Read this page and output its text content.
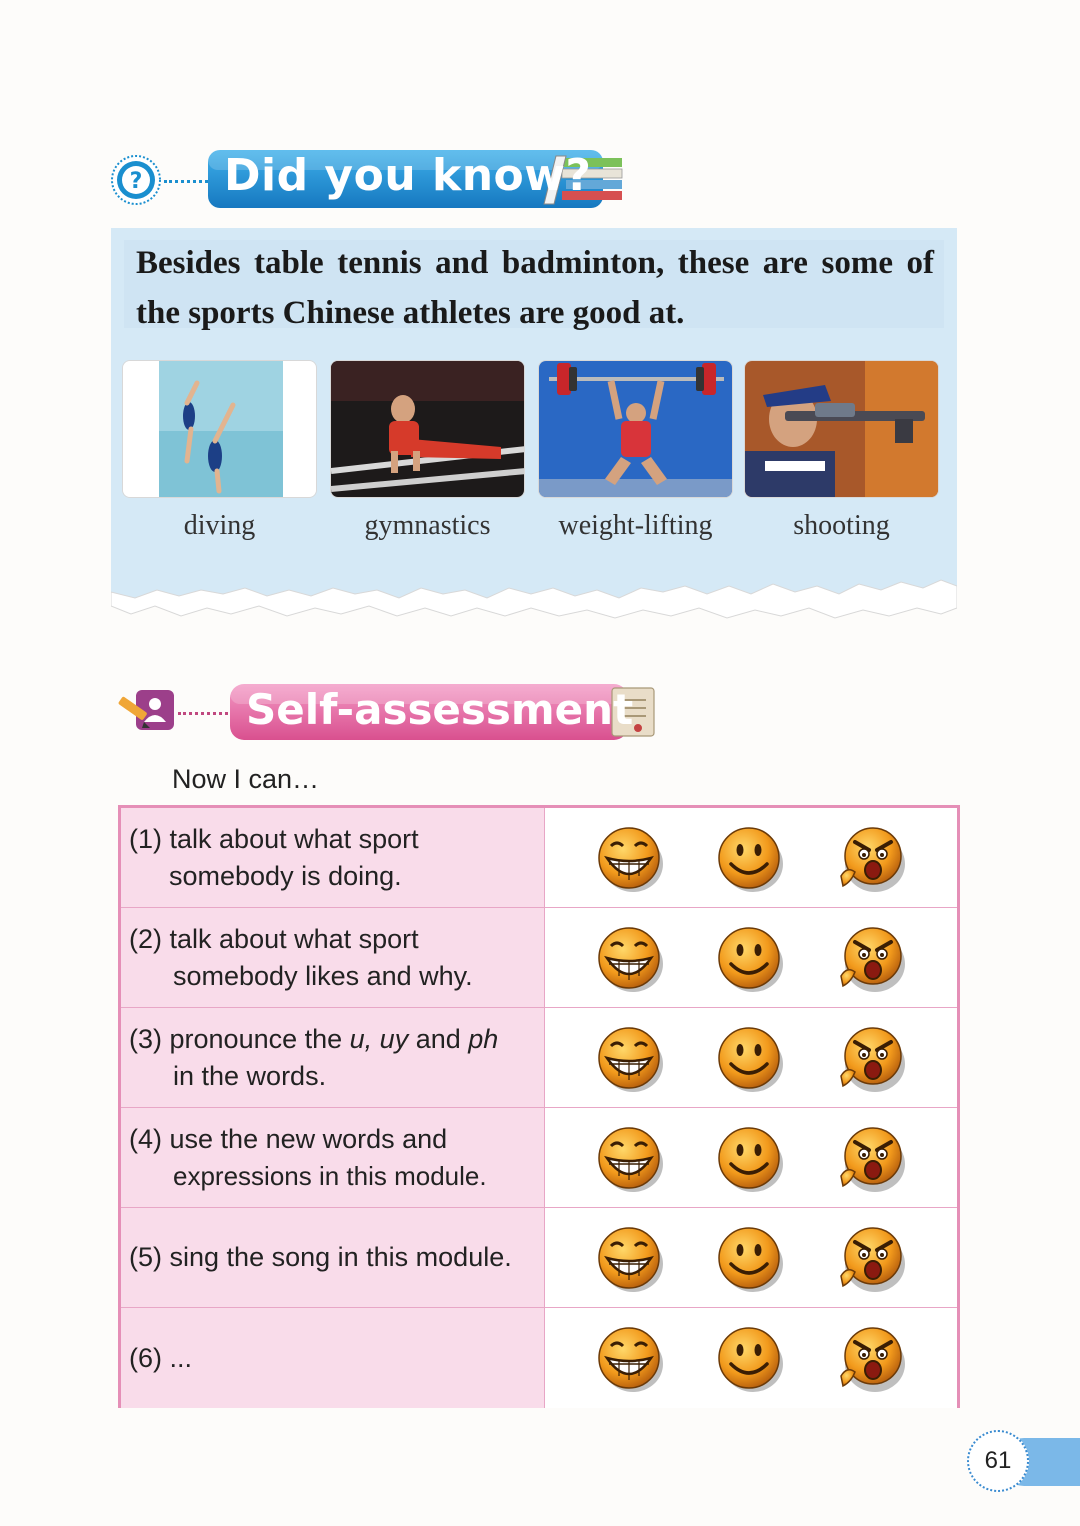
? Did you know?
Besides table tennis and badminton, these are some of the sports Chinese athletes are good at.
diving	gymnastics	weight-lifting	shooting
Self-assessment
Now I can…
(1) talk about what sport
somebody is doing.
(2) talk about what sport
somebody likes and why.
(3) pronounce the u, uy and ph
in the words.
(4) use the new words and
expressions in this module.
(5) sing the song in this module.
(6) ...
61
